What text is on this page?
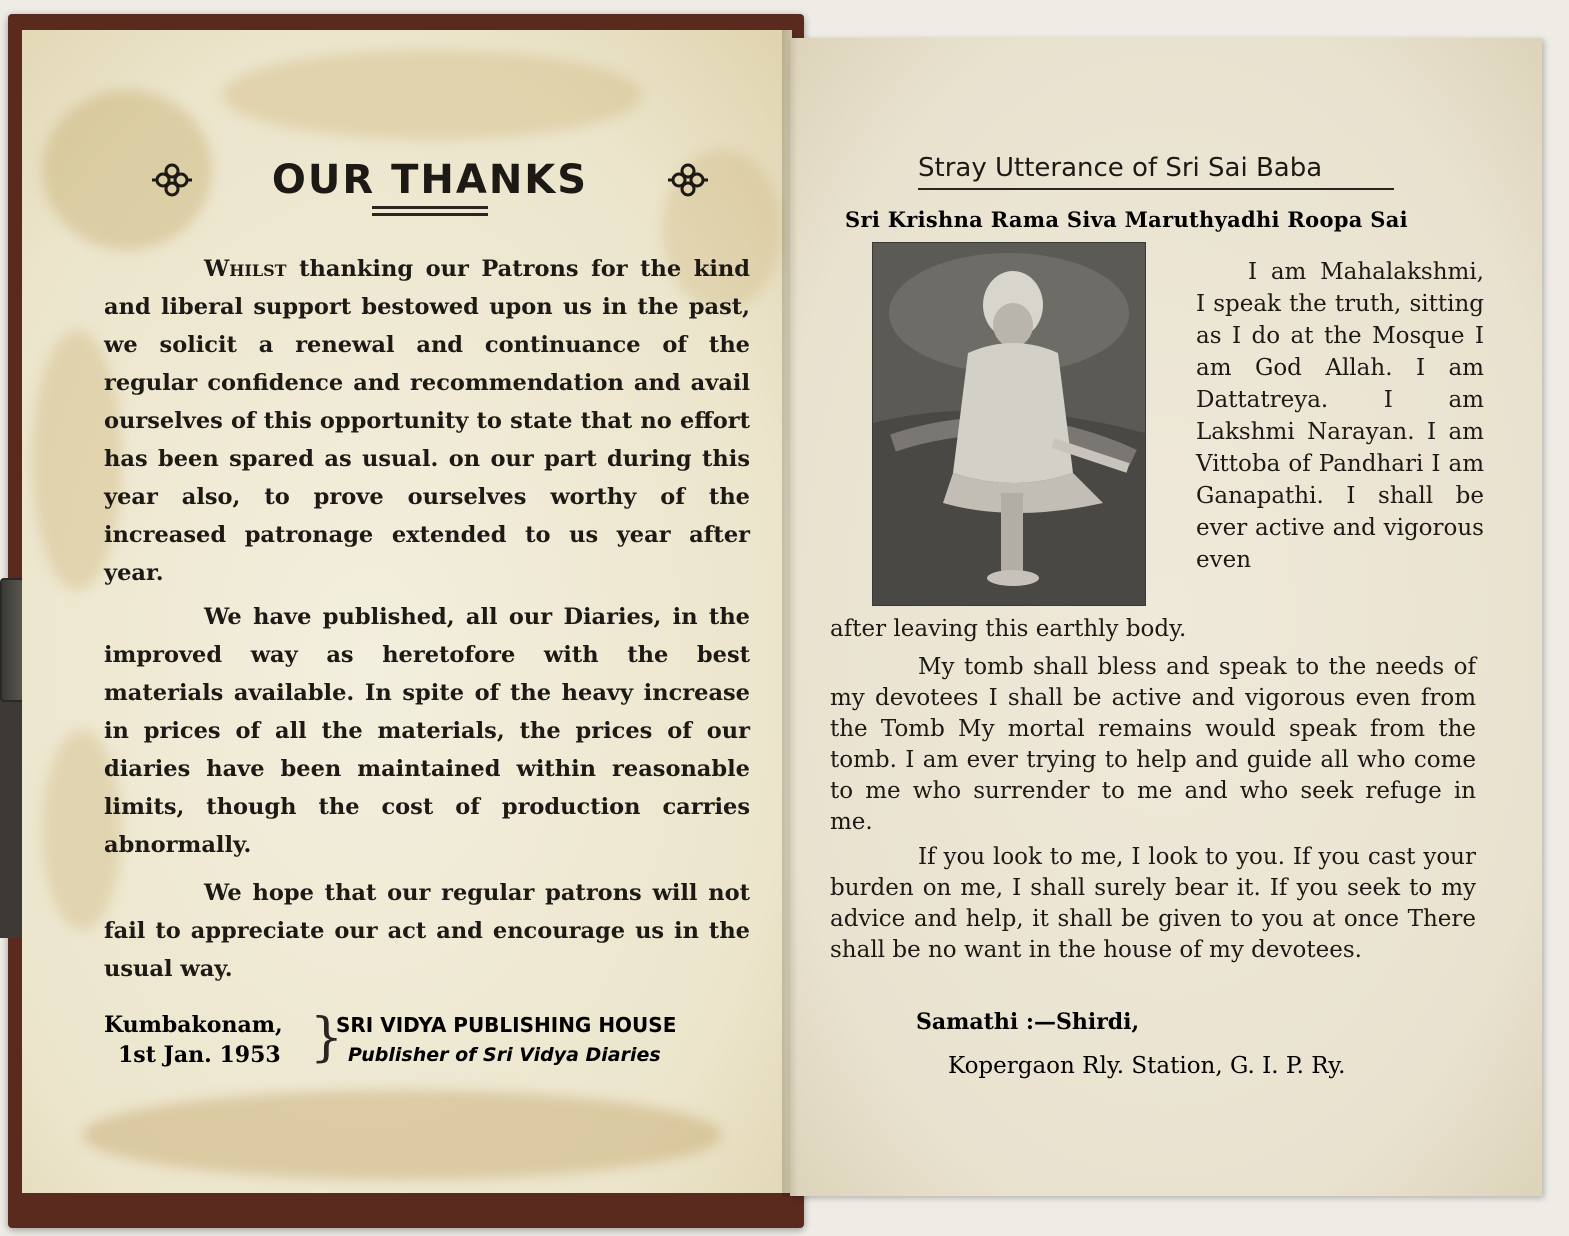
OUR THANKS
Whilst thanking our Patrons for the kind and liberal support bestowed upon us in the past, we solicit a renewal and continuance of the regular confidence and recommendation and avail ourselves of this opportunity to state that no effort has been spared as usual. on our part during this year also, to prove ourselves worthy of the increased patronage extended to us year after year.
We have published, all our Diaries, in the improved way as heretofore with the best materials available. In spite of the heavy increase in prices of all the materials, the prices of our diaries have been maintained within reasonable limits, though the cost of production carries abnormally.
We hope that our regular patrons will not fail to appreciate our act and encourage us in the usual way.
Kumbakonam,
1st Jan. 1953 }
SRI VIDYA PUBLISHING HOUSE
Publisher of Sri Vidya Diaries
Stray Utterance of Sri Sai Baba
Sri Krishna Rama Siva Maruthyadhi Roopa Sai
I am Mahalakshmi, I speak the truth, sitting as I do at the Mosque I am God Allah. I am Dattatreya. I am Lakshmi Narayan. I am Vittoba of Pandhari I am Ganapathi. I shall be ever active and vigorous even
after leaving this earthly body.
My tomb shall bless and speak to the needs of my devotees I shall be active and vigorous even from the Tomb My mortal remains would speak from the tomb. I am ever trying to help and guide all who come to me who surrender to me and who seek refuge in me.
If you look to me, I look to you. If you cast your burden on me, I shall surely bear it. If you seek to my advice and help, it shall be given to you at once There shall be no want in the house of my devotees.
Samathi :—Shirdi,
Kopergaon Rly. Station, G. I. P. Ry.
